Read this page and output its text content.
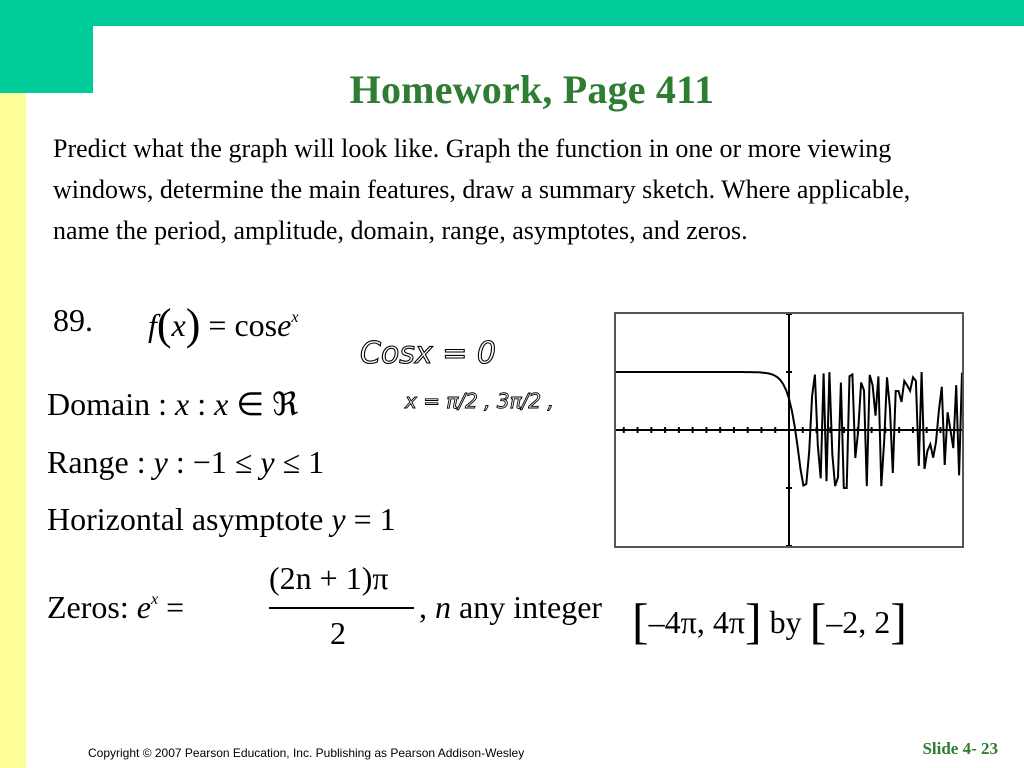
Homework, Page 411
Predict what the graph will look like. Graph the function in one or more viewing windows, determine the main features, draw a summary sketch. Where applicable, name the period, amplitude, domain, range, asymptotes, and zeros.
89. f(x) = cose$^x$
Cosx = 0
x = π/2 , 3π/2 ,
Domain : x : x ∈ ℜ
Range : y : −1 ≤ y ≤ 1
Horizontal asymptote y = 1
Zeros: $e^x$ =
(2n + 1)π
2
, n any integer [–4π, 4π] by [–2, 2]
Copyright © 2007 Pearson Education, Inc. Publishing as Pearson Addison-Wesley	Slide 4- 23
